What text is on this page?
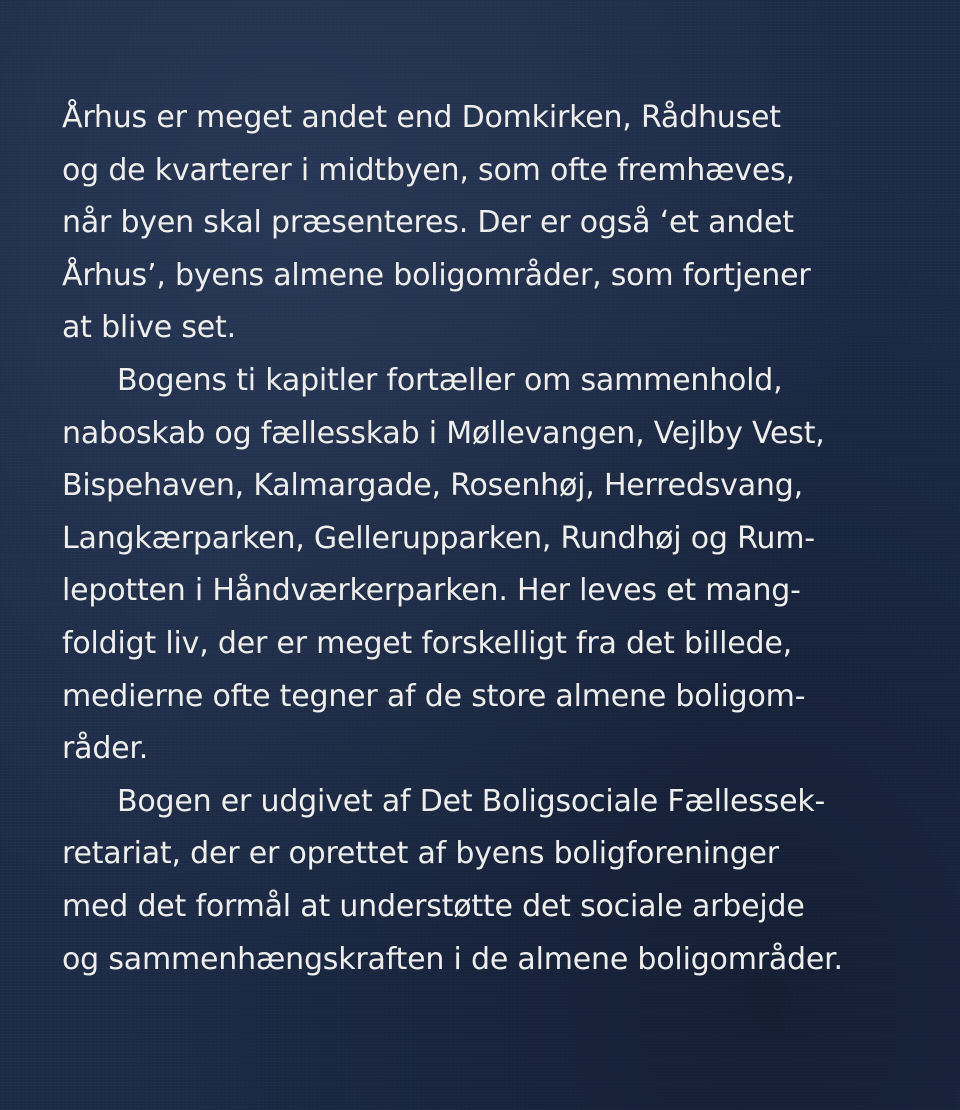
Århus er meget andet end Domkirken, Rådhuset
og de kvarterer i midtbyen, som ofte fremhæves,
når byen skal præsenteres. Der er også ‘et andet
Århus’, byens almene boligområder, som fortjener
at blive set.
Bogens ti kapitler fortæller om sammenhold,
naboskab og fællesskab i Møllevangen, Vejlby Vest,
Bispehaven, Kalmargade, Rosenhøj, Herredsvang,
Langkærparken, Gellerupparken, Rundhøj og Rum-
lepotten i Håndværkerparken. Her leves et mang-
foldigt liv, der er meget forskelligt fra det billede,
medierne ofte tegner af de store almene boligom-
råder.
Bogen er udgivet af Det Boligsociale Fællessek-
retariat, der er oprettet af byens boligforeninger
med det formål at understøtte det sociale arbejde
og sammenhængskraften i de almene boligområder.
